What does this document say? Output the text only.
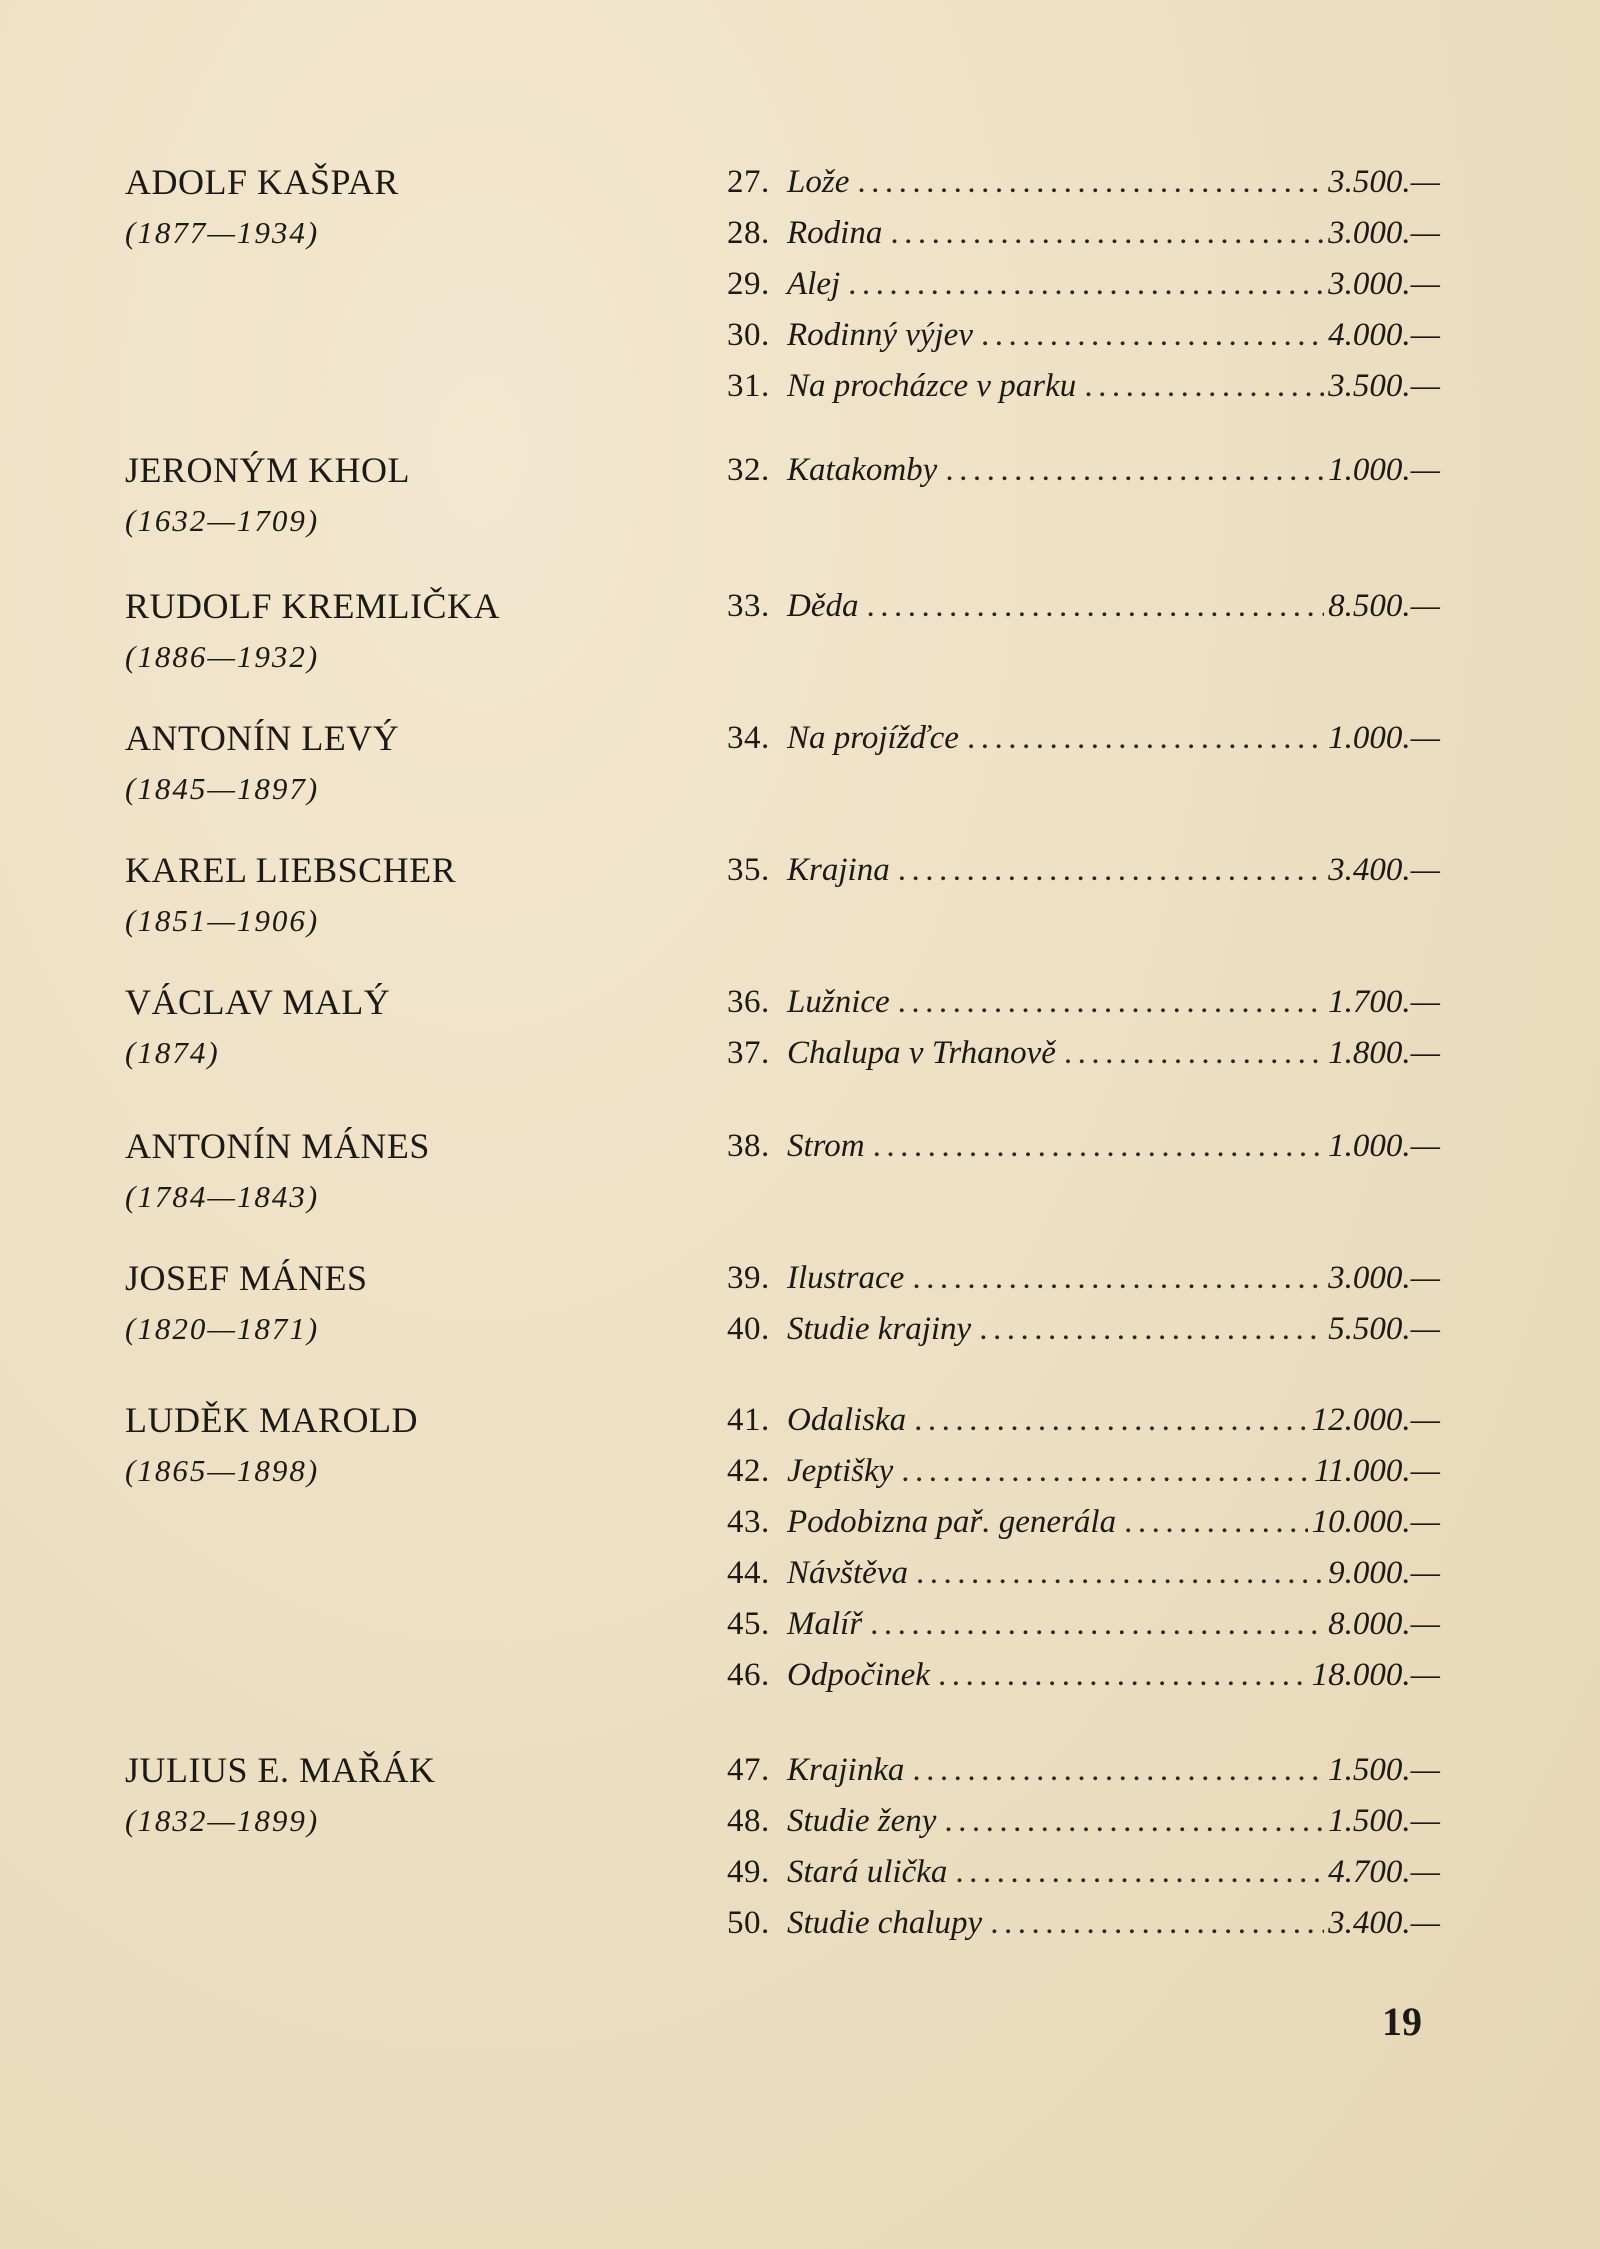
ADOLF KAŠPAR
(1877—1934)
27. Lože .....	3.500.—
28. Rodina .....	3.000.—
29. Alej .....	3.000.—
30. Rodinný výjev .....	4.000.—
31. Na procházce v parku .....	3.500.—
JERONÝM KHOL
(1632—1709)
32. Katakomby .....	1.000.—
RUDOLF KREMLIČKA
(1886—1932)
33. Děda .....	8.500.—
ANTONÍN LEVÝ
(1845—1897)
34. Na projížďce .....	1.000.—
KAREL LIEBSCHER
(1851—1906)
35. Krajina .....	3.400.—
VÁCLAV MALÝ
(1874)
36. Lužnice .....	1.700.—
37. Chalupa v Trhanově .....	1.800.—
ANTONÍN MÁNES
(1784—1843)
38. Strom .....	1.000.—
JOSEF MÁNES
(1820—1871)
39. Ilustrace .....	3.000.—
40. Studie krajiny .....	5.500.—
LUDĚK MAROLD
(1865—1898)
41. Odaliska .....	12.000.—
42. Jeptišky .....	11.000.—
43. Podobizna pař. generála .....	10.000.—
44. Návštěva .....	9.000.—
45. Malíř .....	8.000.—
46. Odpočinek .....	18.000.—
JULIUS E. MAŘÁK
(1832—1899)
47. Krajinka .....	1.500.—
48. Studie ženy .....	1.500.—
49. Stará ulička .....	4.700.—
50. Studie chalupy .....	3.400.—
19
